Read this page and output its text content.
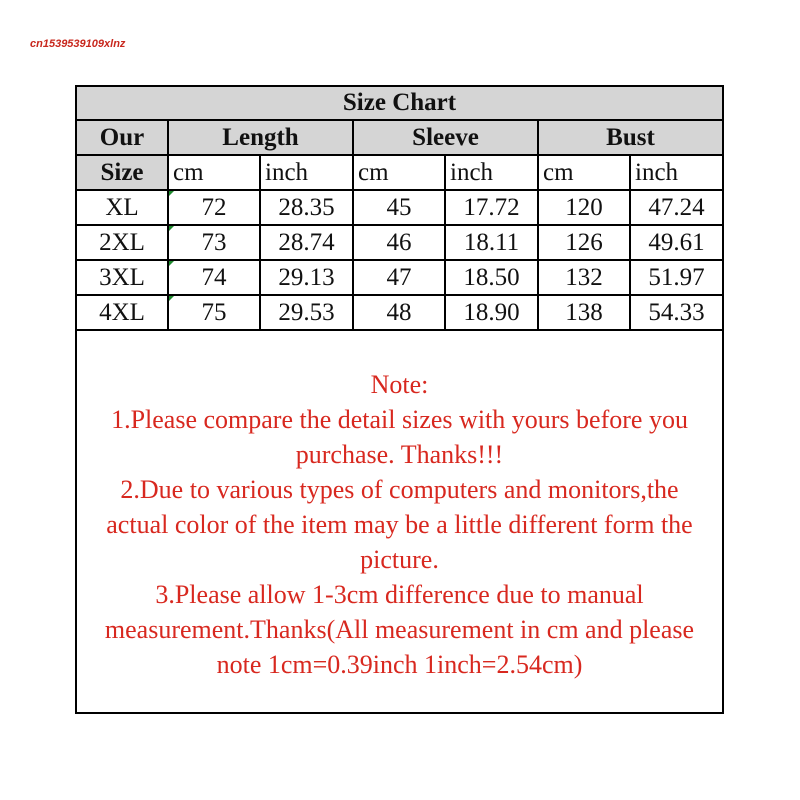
cn1539539109xlnz
Size Chart						
Our	Length		Sleeve		Bust	
Size	cm	inch	cm	inch	cm	inch
XL	72	28.35	45	17.72	120	47.24
2XL	73	28.74	46	18.11	126	49.61
3XL	74	29.13	47	18.50	132	51.97
4XL	75	29.53	48	18.90	138	54.33
Note:
1.Please compare the detail sizes with yours before you
purchase. Thanks!!!
2.Due to various types of computers and monitors,the
actual color of the item may be a little different form the
picture.
3.Please allow 1-3cm difference due to manual
measurement.Thanks(All measurement in cm and please
note 1cm=0.39inch 1inch=2.54cm)
